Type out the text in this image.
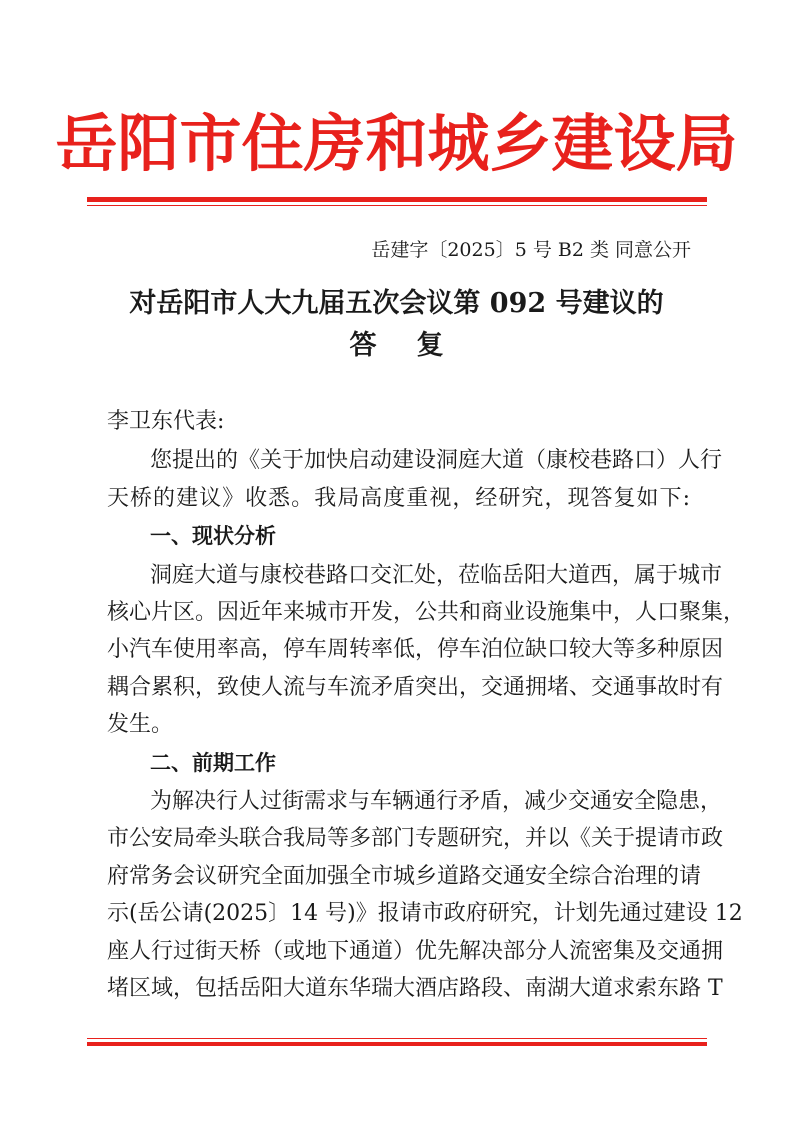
岳阳市住房和城乡建设局
岳建字〔2025〕5 号 B2 类 同意公开
对岳阳市人大九届五次会议第 092 号建议的
答复
李卫东代表:
您提出的《关于加快启动建设洞庭大道（康校巷路口）人行
天桥的建议》收悉。我局高度重视，经研究，现答复如下:
一、现状分析
洞庭大道与康校巷路口交汇处，莅临岳阳大道西，属于城市
核心片区。因近年来城市开发，公共和商业设施集中，人口聚集，
小汽车使用率高，停车周转率低，停车泊位缺口较大等多种原因
耦合累积，致使人流与车流矛盾突出，交通拥堵、交通事故时有
发生。
二、前期工作
为解决行人过街需求与车辆通行矛盾，减少交通安全隐患，
市公安局牵头联合我局等多部门专题研究，并以《关于提请市政
府常务会议研究全面加强全市城乡道路交通安全综合治理的请
示(岳公请(2025〕14 号)》报请市政府研究，计划先通过建设 12
座人行过街天桥（或地下通道）优先解决部分人流密集及交通拥
堵区域，包括岳阳大道东华瑞大酒店路段、南湖大道求索东路 T
